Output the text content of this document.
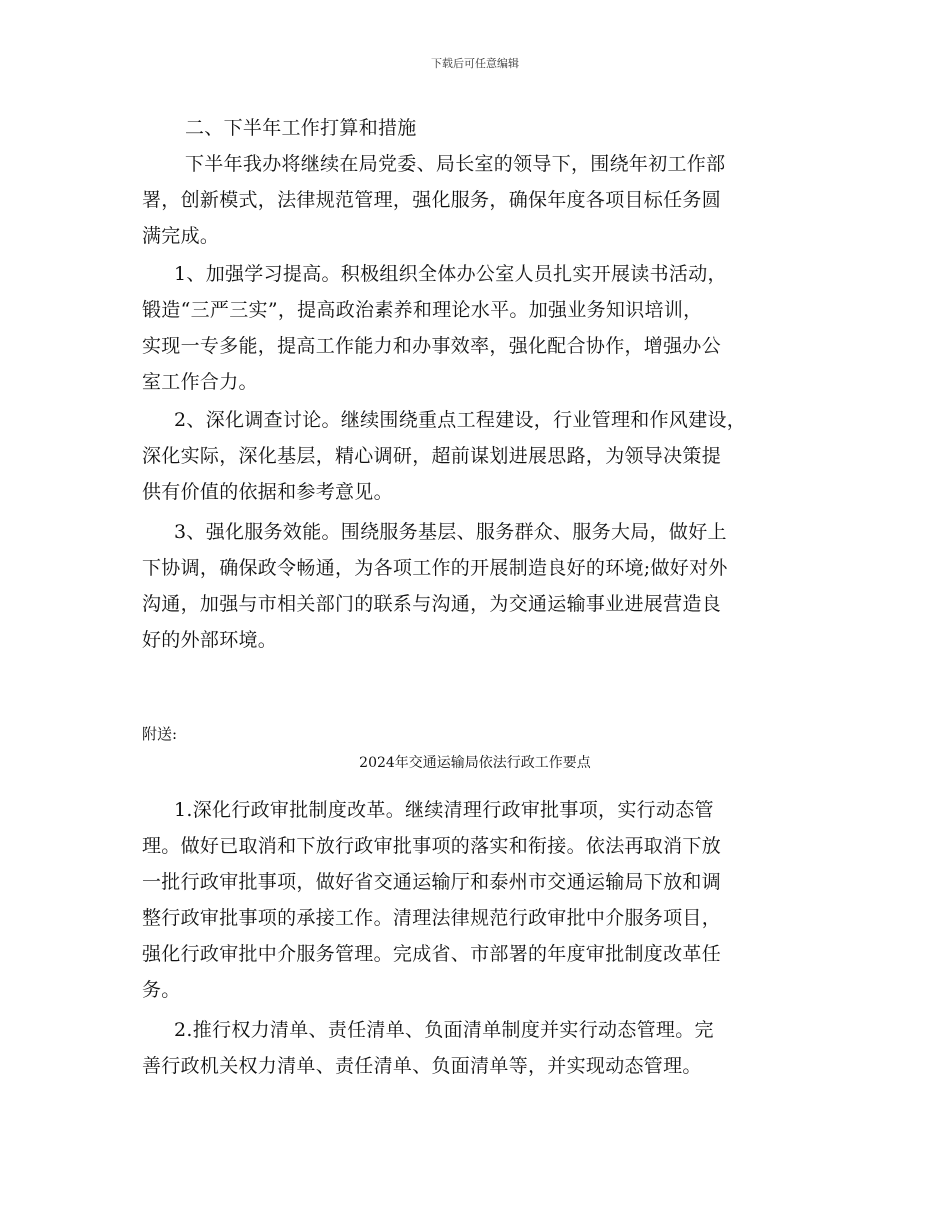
下载后可任意编辑
二、下半年工作打算和措施
下半年我办将继续在局党委、局长室的领导下，围绕年初工作部
署，创新模式，法律规范管理，强化服务，确保年度各项目标任务圆
满完成。
1、加强学习提高。积极组织全体办公室人员扎实开展读书活动，
锻造“三严三实”，提高政治素养和理论水平。加强业务知识培训，
实现一专多能，提高工作能力和办事效率，强化配合协作，增强办公
室工作合力。
2、深化调查讨论。继续围绕重点工程建设，行业管理和作风建设，
深化实际，深化基层，精心调研，超前谋划进展思路，为领导决策提
供有价值的依据和参考意见。
3、强化服务效能。围绕服务基层、服务群众、服务大局，做好上
下协调，确保政令畅通，为各项工作的开展制造良好的环境;做好对外
沟通，加强与市相关部门的联系与沟通，为交通运输事业进展营造良
好的外部环境。
附送:
2024年交通运输局依法行政工作要点
1.深化行政审批制度改革。继续清理行政审批事项，实行动态管
理。做好已取消和下放行政审批事项的落实和衔接。依法再取消下放
一批行政审批事项，做好省交通运输厅和泰州市交通运输局下放和调
整行政审批事项的承接工作。清理法律规范行政审批中介服务项目，
强化行政审批中介服务管理。完成省、市部署的年度审批制度改革任
务。
2.推行权力清单、责任清单、负面清单制度并实行动态管理。完
善行政机关权力清单、责任清单、负面清单等，并实现动态管理。
